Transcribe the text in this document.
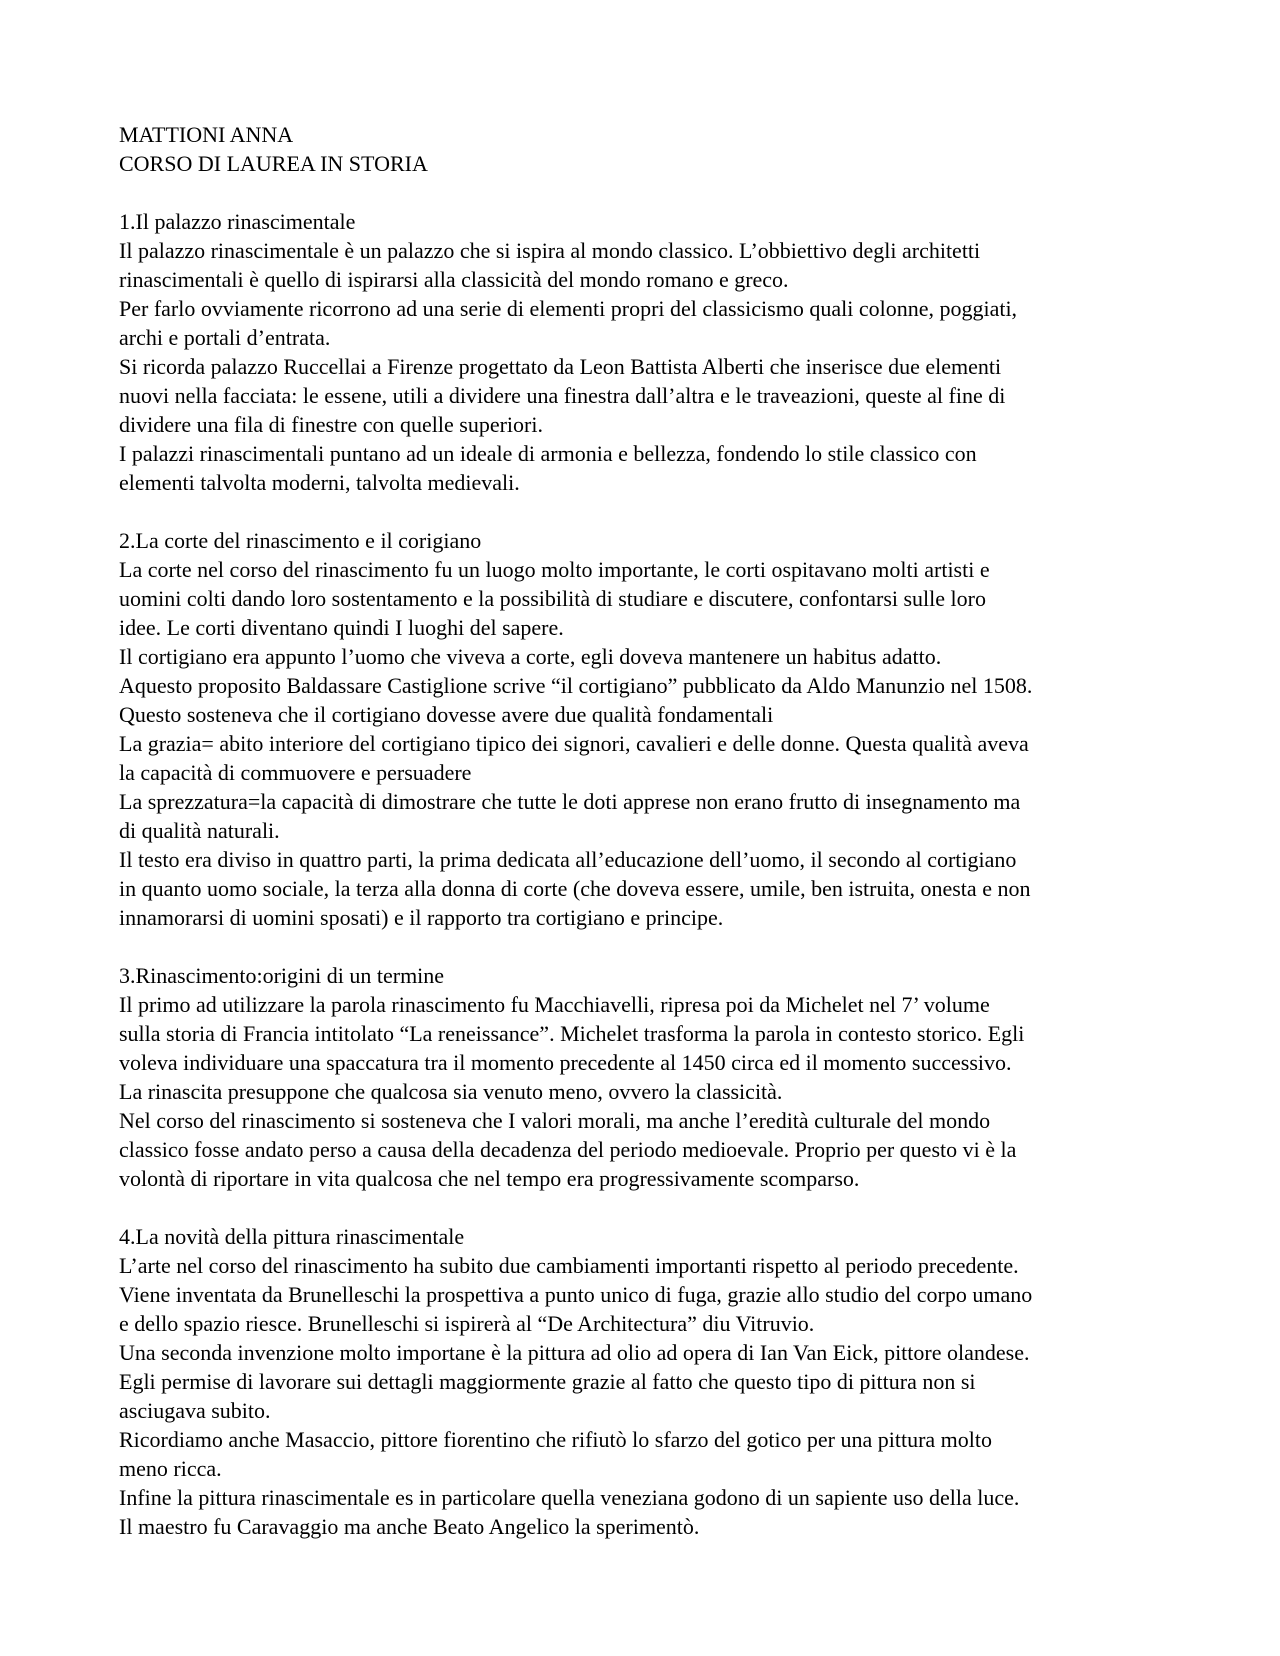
MATTIONI ANNA
CORSO DI LAUREA IN STORIA
1.Il palazzo rinascimentale
Il palazzo rinascimentale è un palazzo che si ispira al mondo classico. L’obbiettivo degli architetti
rinascimentali è quello di ispirarsi alla classicità del mondo romano e greco.
Per farlo ovviamente ricorrono ad una serie di elementi propri del classicismo quali colonne, poggiati,
archi e portali d’entrata.
Si ricorda palazzo Ruccellai a Firenze progettato da Leon Battista Alberti che inserisce due elementi
nuovi nella facciata: le essene, utili a dividere una finestra dall’altra e le traveazioni, queste al fine di
dividere una fila di finestre con quelle superiori.
I palazzi rinascimentali puntano ad un ideale di armonia e bellezza, fondendo lo stile classico con
elementi talvolta moderni, talvolta medievali.
2.La corte del rinascimento e il corigiano
La corte nel corso del rinascimento fu un luogo molto importante, le corti ospitavano molti artisti e
uomini colti dando loro sostentamento e la possibilità di studiare e discutere, confontarsi sulle loro
idee. Le corti diventano quindi I luoghi del sapere.
Il cortigiano era appunto l’uomo che viveva a corte, egli doveva mantenere un habitus adatto.
Aquesto proposito Baldassare Castiglione scrive “il cortigiano” pubblicato da Aldo Manunzio nel 1508.
Questo sosteneva che il cortigiano dovesse avere due qualità fondamentali
La grazia= abito interiore del cortigiano tipico dei signori, cavalieri e delle donne. Questa qualità aveva
la capacità di commuovere e persuadere
La sprezzatura=la capacità di dimostrare che tutte le doti apprese non erano frutto di insegnamento ma
di qualità naturali.
Il testo era diviso in quattro parti, la prima dedicata all’educazione dell’uomo, il secondo al cortigiano
in quanto uomo sociale, la terza alla donna di corte (che doveva essere, umile, ben istruita, onesta e non
innamorarsi di uomini sposati) e il rapporto tra cortigiano e principe.
3.Rinascimento:origini di un termine
Il primo ad utilizzare la parola rinascimento fu Macchiavelli, ripresa poi da Michelet nel 7’ volume
sulla storia di Francia intitolato “La reneissance”. Michelet trasforma la parola in contesto storico. Egli
voleva individuare una spaccatura tra il momento precedente al 1450 circa ed il momento successivo.
La rinascita presuppone che qualcosa sia venuto meno, ovvero la classicità.
Nel corso del rinascimento si sosteneva che I valori morali, ma anche l’eredità culturale del mondo
classico fosse andato perso a causa della decadenza del periodo medioevale. Proprio per questo vi è la
volontà di riportare in vita qualcosa che nel tempo era progressivamente scomparso.
4.La novità della pittura rinascimentale
L’arte nel corso del rinascimento ha subito due cambiamenti importanti rispetto al periodo precedente.
Viene inventata da Brunelleschi la prospettiva a punto unico di fuga, grazie allo studio del corpo umano
e dello spazio riesce. Brunelleschi si ispirerà al “De Architectura” diu Vitruvio.
Una seconda invenzione molto importane è la pittura ad olio ad opera di Ian Van Eick, pittore olandese.
Egli permise di lavorare sui dettagli maggiormente grazie al fatto che questo tipo di pittura non si
asciugava subito.
Ricordiamo anche Masaccio, pittore fiorentino che rifiutò lo sfarzo del gotico per una pittura molto
meno ricca.
Infine la pittura rinascimentale es in particolare quella veneziana godono di un sapiente uso della luce.
Il maestro fu Caravaggio ma anche Beato Angelico la sperimentò.
